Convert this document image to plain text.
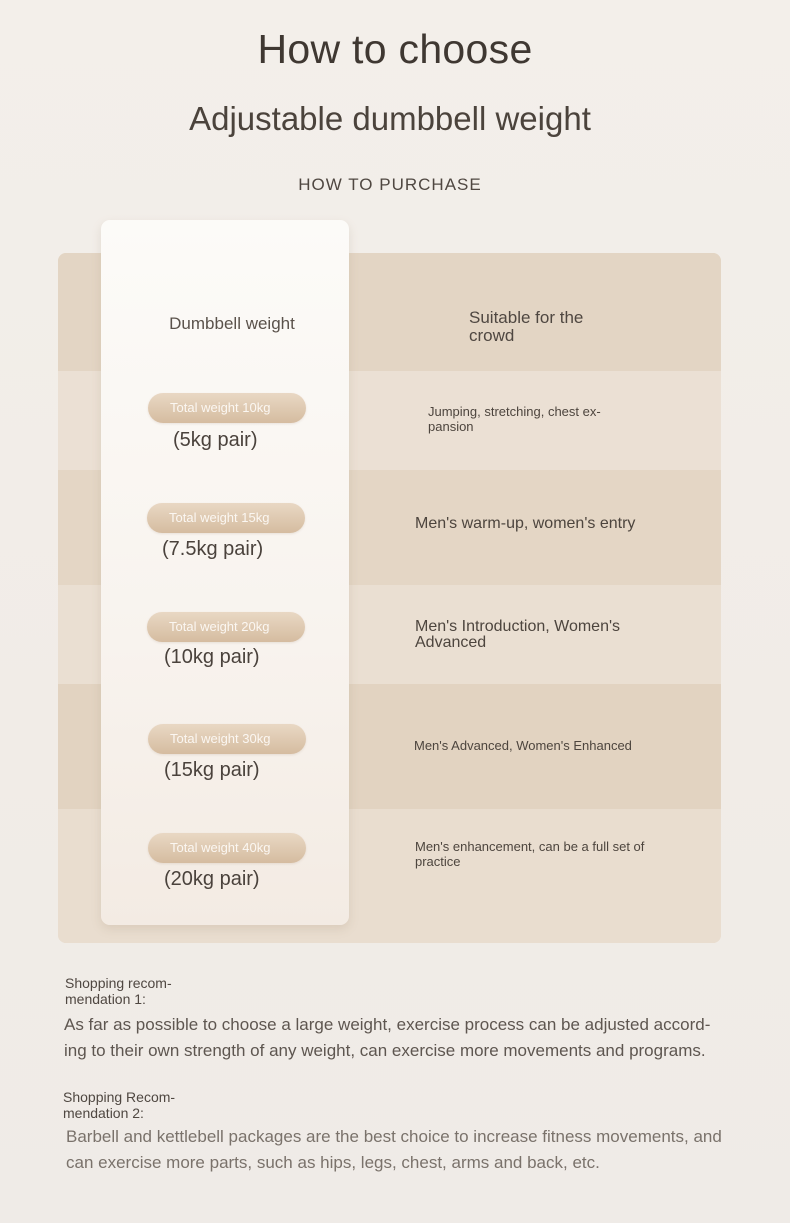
How to choose
Adjustable dumbbell weight
HOW TO PURCHASE
Dumbbell weight	Suitable for the crowd
Total weight 10kg
(5kg pair)
Jumping, stretching, chest ex- pansion
Total weight 15kg
(7.5kg pair)
Men's warm-up, women's entry
Total weight 20kg
(10kg pair)
Men's Introduction, Women's Advanced
Total weight 30kg
(15kg pair)
Men's Advanced, Women's Enhanced
Total weight 40kg
(20kg pair)
Men's enhancement, can be a full set of practice
Shopping recom- mendation 1:
As far as possible to choose a large weight, exercise process can be adjusted accord- ing to their own strength of any weight, can exercise more movements and programs.
Shopping Recom- mendation 2:
Barbell and kettlebell packages are the best choice to increase fitness movements, and can exercise more parts, such as hips, legs, chest, arms and back, etc.
